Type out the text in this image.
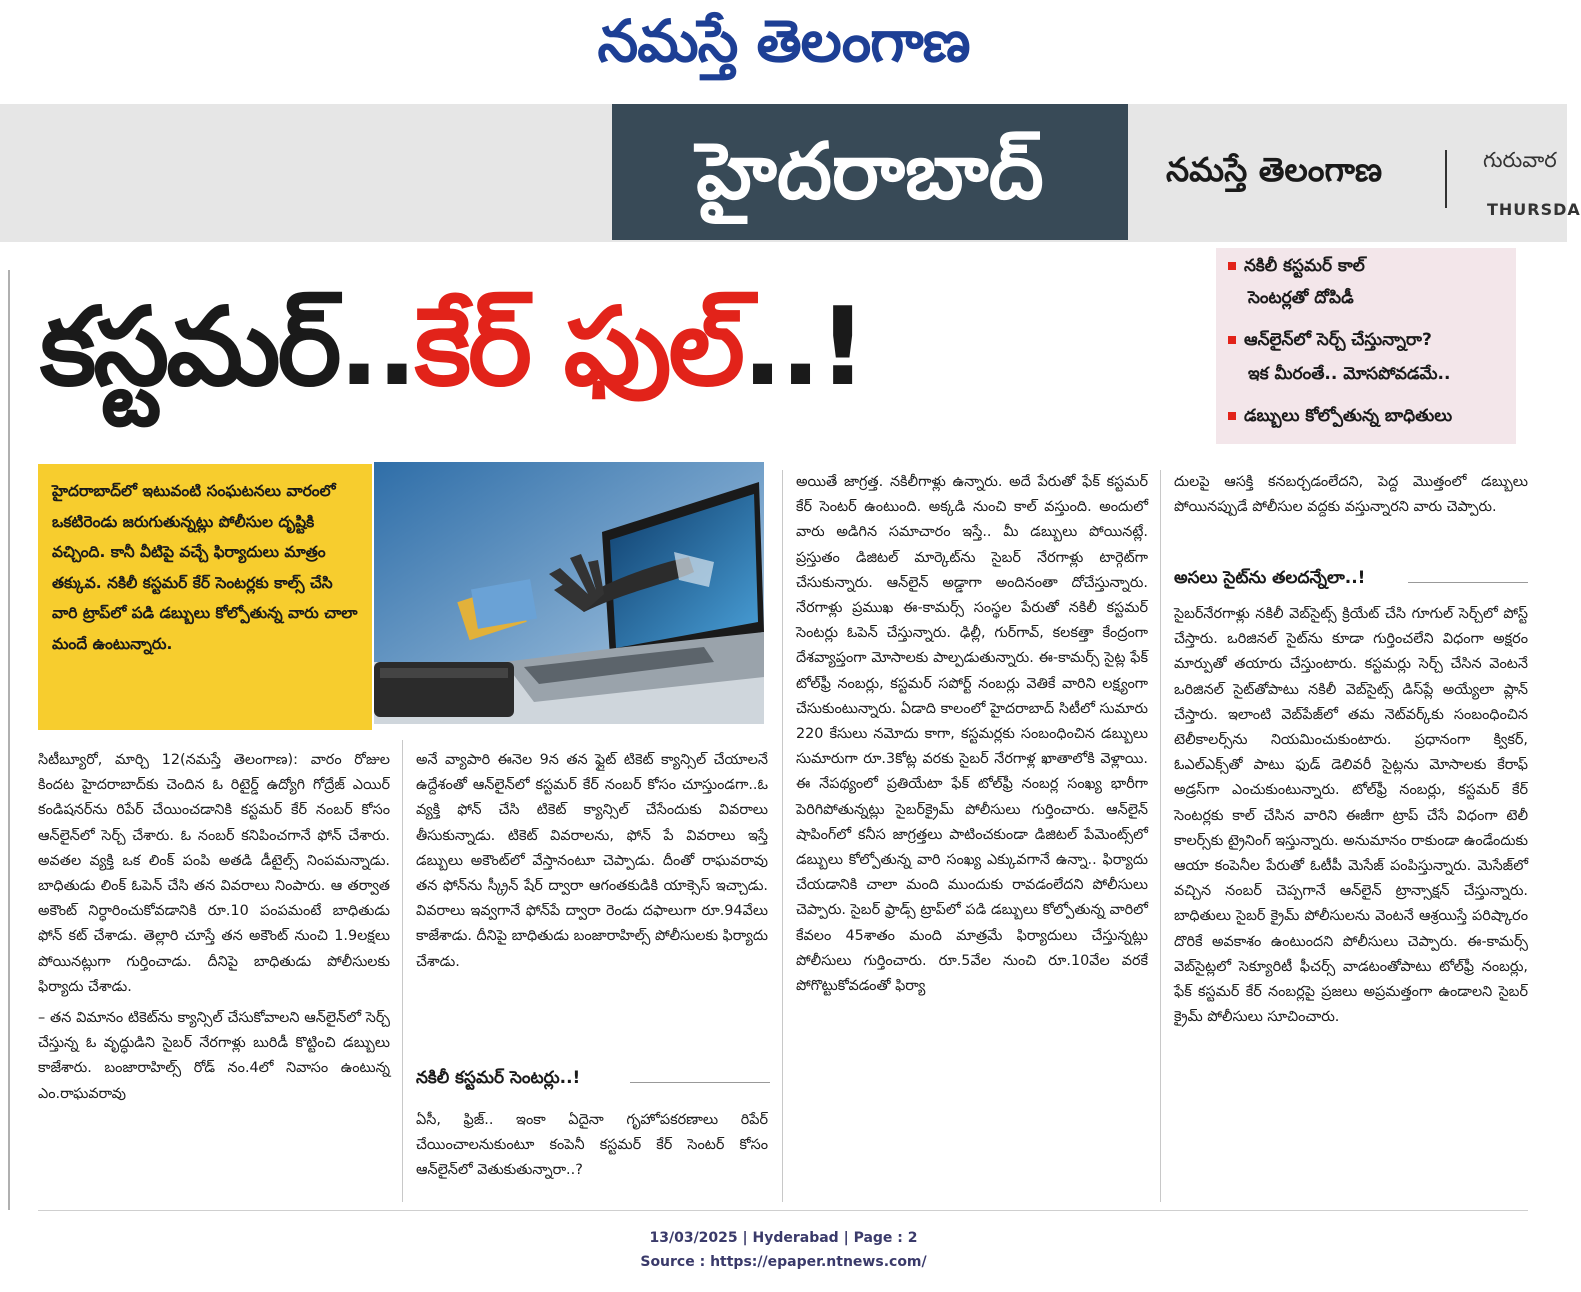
నమస్తే తెలంగాణ
హైదరాబాద్	నమస్తే తెలంగాణ	గురువార
THURSDA
కస్టమర్..కేర్ ఫుల్..!
నకిలీ కస్టమర్ కాల్
సెంటర్లతో దోపిడీ
ఆన్‌లైన్‌లో సెర్చ్ చేస్తున్నారా?
ఇక మీరంతే.. మోసపోవడమే..
డబ్బులు కోల్పోతున్న బాధితులు
హైదరాబాద్‌లో ఇటువంటి సంఘటనలు వారంలో ఒకటిరెండు జరుగుతున్నట్లు పోలీసుల దృష్టికి వచ్చింది. కానీ వీటిపై వచ్చే ఫిర్యాదులు మాత్రం తక్కువ. నకిలీ కస్టమర్ కేర్ సెంటర్లకు కాల్స్ చేసి వారి ట్రాప్‌లో పడి డబ్బులు కోల్పోతున్న వారు చాలా మందే ఉంటున్నారు.

సిటీబ్యూరో, మార్చి 12(నమస్తే తెలంగాణ): వారం రోజుల కిందట హైదరాబాద్‌కు చెందిన ఓ రిటైర్డ్ ఉద్యోగి గోద్రేజ్ ఎయిర్ కండిషనర్‌ను రిపేర్ చేయించడానికి కస్టమర్ కేర్ నంబర్ కోసం ఆన్‌లైన్‌లో సెర్చ్ చేశారు. ఓ నంబర్ కనిపించగానే ఫోన్ చేశారు. అవతల వ్యక్తి ఒక లింక్ పంపి అతడి డీటైల్స్ నింపమన్నాడు. బాధితుడు లింక్ ఓపెన్ చేసి తన వివరాలు నింపారు. ఆ తర్వాత అకౌంట్ నిర్ధారించుకోవడానికి రూ.10 పంపమంటే బాధితుడు ఫోన్ కట్ చేశాడు. తెల్లారి చూస్తే తన అకౌంట్ నుంచి 1.9లక్షలు పోయినట్లుగా గుర్తించాడు. దీనిపై బాధితుడు పోలీసులకు ఫిర్యాదు చేశాడు.

– తన విమానం టికెట్‌ను క్యాన్సిల్ చేసుకోవాలని ఆన్‌లైన్‌లో సెర్చ్ చేస్తున్న ఓ వృద్ధుడిని సైబర్ నేరగాళ్లు బురిడీ కొట్టించి డబ్బులు కాజేశారు. బంజారాహిల్స్ రోడ్ నం.4లో నివాసం ఉంటున్న ఎం.రాఘవరావు

అనే వ్యాపారి ఈనెల 9న తన ఫ్లైట్ టికెట్ క్యాన్సిల్ చేయాలనే ఉద్దేశంతో ఆన్‌లైన్‌లో కస్టమర్ కేర్ నంబర్ కోసం చూస్తుండగా..ఓ వ్యక్తి ఫోన్ చేసి టికెట్ క్యాన్సిల్ చేసేందుకు వివరాలు తీసుకున్నాడు. టికెట్ వివరాలను, ఫోన్ పే వివరాలు ఇస్తే డబ్బులు అకౌంట్‌లో వేస్తానంటూ చెప్పాడు. దీంతో రాఘవరావు తన ఫోన్‌ను స్క్రీన్ షేర్ ద్వారా ఆగంతకుడికి యాక్సెస్ ఇచ్చాడు. వివరాలు ఇవ్వగానే ఫోన్‌పే ద్వారా రెండు దఫాలుగా రూ.94వేలు కాజేశాడు. దీనిపై బాధితుడు బంజారాహిల్స్ పోలీసులకు ఫిర్యాదు చేశాడు.

నకిలీ కస్టమర్ సెంటర్లు..!

ఏసీ, ఫ్రిజ్.. ఇంకా ఏదైనా గృహోపకరణాలు రిపేర్ చేయించాలనుకుంటూ కంపెనీ కస్టమర్ కేర్ సెంటర్ కోసం ఆన్‌లైన్‌లో వెతుకుతున్నారా..?

అయితే జాగ్రత్త. నకిలీగాళ్లు ఉన్నారు. అదే పేరుతో ఫేక్ కస్టమర్ కేర్ సెంటర్ ఉంటుంది. అక్కడి నుంచి కాల్ వస్తుంది. అందులో వారు అడిగిన సమాచారం ఇస్తే.. మీ డబ్బులు పోయినట్లే. ప్రస్తుతం డిజిటల్ మార్కెట్‌ను సైబర్ నేరగాళ్లు టార్గెట్‌గా చేసుకున్నారు. ఆన్‌లైన్ అడ్డాగా అందినంతా దోచేస్తున్నారు. నేరగాళ్లు ప్రముఖ ఈ-కామర్స్ సంస్థల పేరుతో నకిలీ కస్టమర్ సెంటర్లు ఓపెన్ చేస్తున్నారు. ఢిల్లీ, గుర్‌గావ్, కలకత్తా కేంద్రంగా దేశవ్యాప్తంగా మోసాలకు పాల్పడుతున్నారు. ఈ-కామర్స్ సైట్ల ఫేక్ టోల్‌ఫ్రీ నంబర్లు, కస్టమర్ సపోర్ట్ నంబర్లు వెతికే వారిని లక్ష్యంగా చేసుకుంటున్నారు. ఏడాది కాలంలో హైదరాబాద్ సిటీలో సుమారు 220 కేసులు నమోదు కాగా, కస్టమర్లకు సంబంధించిన డబ్బులు సుమారుగా రూ.3కోట్ల వరకు సైబర్ నేరగాళ్ల ఖాతాలోకి వెళ్లాయి. ఈ నేపథ్యంలో ప్రతియేటా ఫేక్ టోల్‌ఫ్రీ నంబర్ల సంఖ్య భారీగా పెరిగిపోతున్నట్లు సైబర్‌క్రైమ్ పోలీసులు గుర్తించారు. ఆన్‌లైన్ షాపింగ్‌లో కనీస జాగ్రత్తలు పాటించకుండా డిజిటల్ పేమెంట్స్‌లో డబ్బులు కోల్పోతున్న వారి సంఖ్య ఎక్కువగానే ఉన్నా.. ఫిర్యాదు చేయడానికి చాలా మంది ముందుకు రావడంలేదని పోలీసులు చెప్పారు. సైబర్ ఫ్రాడ్స్ ట్రాప్‌లో పడి డబ్బులు కోల్పోతున్న వారిలో కేవలం 45శాతం మంది మాత్రమే ఫిర్యాదులు చేస్తున్నట్లు పోలీసులు గుర్తించారు. రూ.5వేల నుంచి రూ.10వేల వరకే పోగొట్టుకోవడంతో ఫిర్యా

దులపై ఆసక్తి కనబర్చడంలేదని, పెద్ద మొత్తంలో డబ్బులు పోయినప్పుడే పోలీసుల వద్దకు వస్తున్నారని వారు చెప్పారు.

అసలు సైట్‌ను తలదన్నేలా..!

సైబర్‌నేరగాళ్లు నకిలీ వెబ్‌సైట్స్ క్రియేట్ చేసి గూగుల్ సెర్చ్‌లో పోస్ట్ చేస్తారు. ఒరిజినల్ సైట్‌ను కూడా గుర్తించలేని విధంగా అక్షరం మార్పుతో తయారు చేస్తుంటారు. కస్టమర్లు సెర్చ్ చేసిన వెంటనే ఒరిజినల్ సైట్‌తోపాటు నకిలీ వెబ్‌సైట్స్ డిస్‌ప్లే అయ్యేలా ప్లాన్ చేస్తారు. ఇలాంటి వెబ్‌పేజ్‌లో తమ నెట్‌వర్క్‌కు సంబంధించిన టెలీకాలర్స్‌ను నియమించుకుంటారు. ప్రధానంగా క్వికర్, ఓఎల్‌ఎక్స్‌తో పాటు ఫుడ్ డెలివరీ సైట్లను మోసాలకు కేరాఫ్ అడ్రస్‌గా ఎంచుకుంటున్నారు. టోల్‌ఫ్రీ నంబర్లు, కస్టమర్ కేర్ సెంటర్లకు కాల్ చేసిన వారిని ఈజీగా ట్రాప్ చేసే విధంగా టెలీ కాలర్స్‌కు ట్రైనింగ్ ఇస్తున్నారు. అనుమానం రాకుండా ఉండేందుకు ఆయా కంపెనీల పేరుతో ఓటీపీ మెసేజ్ పంపిస్తున్నారు. మెసేజ్‌లో వచ్చిన నంబర్ చెప్పగానే ఆన్‌లైన్ ట్రాన్సాక్షన్ చేస్తున్నారు. బాధితులు సైబర్ క్రైమ్ పోలీసులను వెంటనే ఆశ్రయిస్తే పరిష్కారం దొరికే అవకాశం ఉంటుందని పోలీసులు చెప్పారు. ఈ-కామర్స్ వెబ్‌సైట్లలో సెక్యూరిటీ ఫీచర్స్ వాడటంతోపాటు టోల్‌ఫ్రీ నంబర్లు, ఫేక్ కస్టమర్ కేర్ నంబర్లపై ప్రజలు అప్రమత్తంగా ఉండాలని సైబర్ క్రైమ్ పోలీసులు సూచించారు.

13/03/2025 | Hyderabad | Page : 2
Source : https://epaper.ntnews.com/
